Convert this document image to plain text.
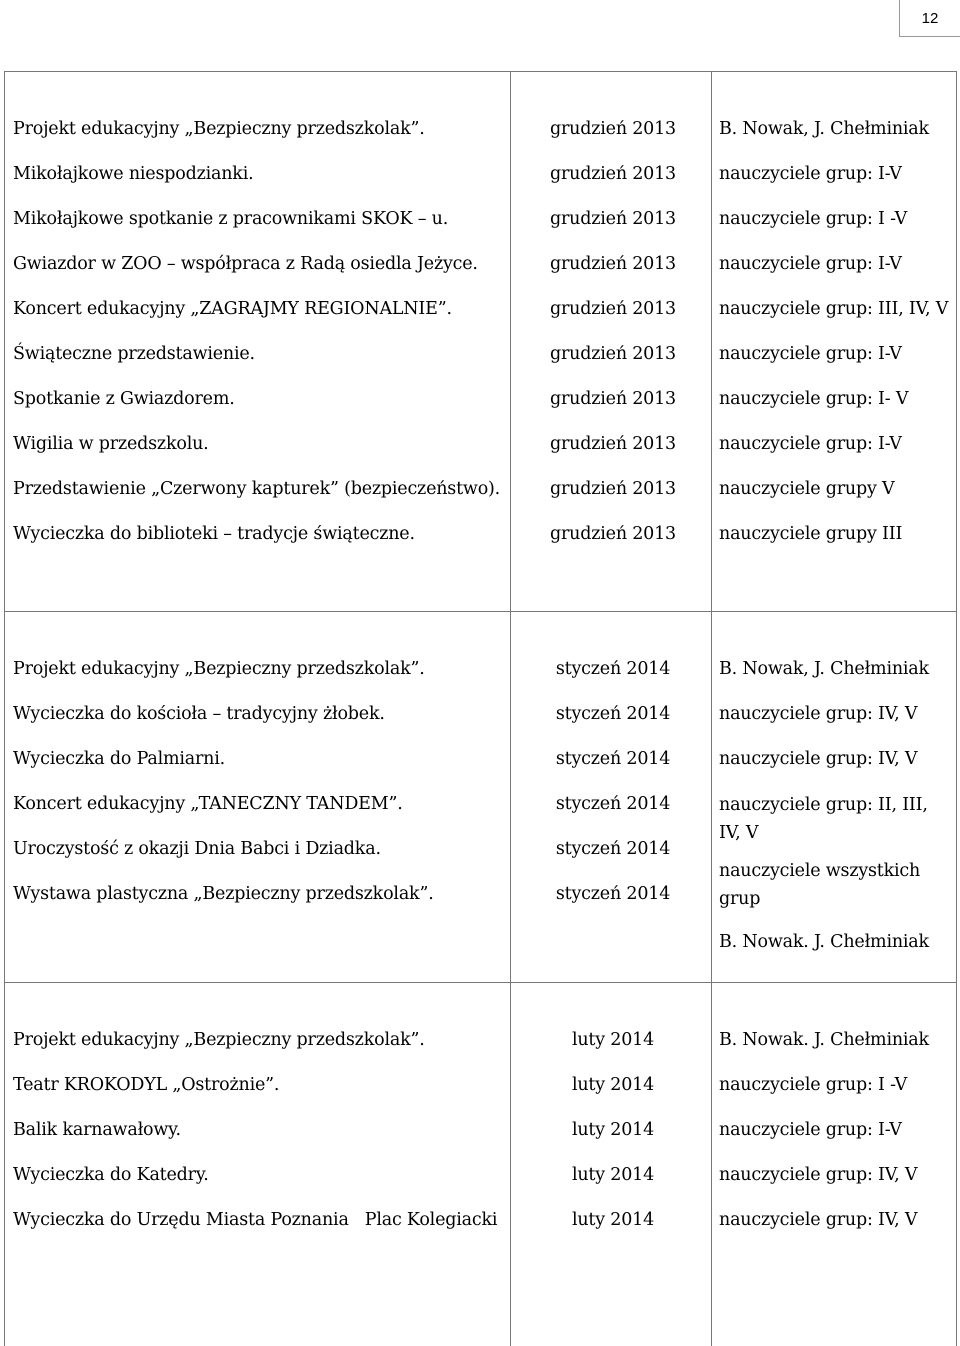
12
Projekt edukacyjny „Bezpieczny przedszkolak”.
Mikołajkowe niespodzianki.
Mikołajkowe spotkanie z pracownikami SKOK – u.
Gwiazdor w ZOO – współpraca z Radą osiedla Jeżyce.
Koncert edukacyjny „ZAGRAJMY REGIONALNIE”.
Świąteczne przedstawienie.
Spotkanie z Gwiazdorem.
Wigilia w przedszkolu.
Przedstawienie „Czerwony kapturek” (bezpieczeństwo).
Wycieczka do biblioteki – tradycje świąteczne.
grudzień 2013
grudzień 2013
grudzień 2013
grudzień 2013
grudzień 2013
grudzień 2013
grudzień 2013
grudzień 2013
grudzień 2013
grudzień 2013
B. Nowak, J. Chełminiak
nauczyciele grup: I-V
nauczyciele grup: I -V
nauczyciele grup: I-V
nauczyciele grup: III, IV, V
nauczyciele grup: I-V
nauczyciele grup: I- V
nauczyciele grup: I-V
nauczyciele grupy V
nauczyciele grupy III
Projekt edukacyjny „Bezpieczny przedszkolak”.
Wycieczka do kościoła – tradycyjny żłobek.
Wycieczka do Palmiarni.
Koncert edukacyjny „TANECZNY TANDEM”.
Uroczystość z okazji Dnia Babci i Dziadka.
Wystawa plastyczna „Bezpieczny przedszkolak”.
styczeń 2014
styczeń 2014
styczeń 2014
styczeń 2014
styczeń 2014
styczeń 2014
B. Nowak, J. Chełminiak
nauczyciele grup: IV, V
nauczyciele grup: IV, V
nauczyciele grup: II, III, IV, V
nauczyciele wszystkich grup
B. Nowak. J. Chełminiak
Projekt edukacyjny „Bezpieczny przedszkolak”.
Teatr KROKODYL „Ostrożnie”.
Balik karnawałowy.
Wycieczka do Katedry.
Wycieczka do Urzędu Miasta Poznania   Plac Kolegiacki
luty 2014
luty 2014
luty 2014
luty 2014
luty 2014
B. Nowak. J. Chełminiak
nauczyciele grup: I -V
nauczyciele grup: I-V
nauczyciele grup: IV, V
nauczyciele grup: IV, V
